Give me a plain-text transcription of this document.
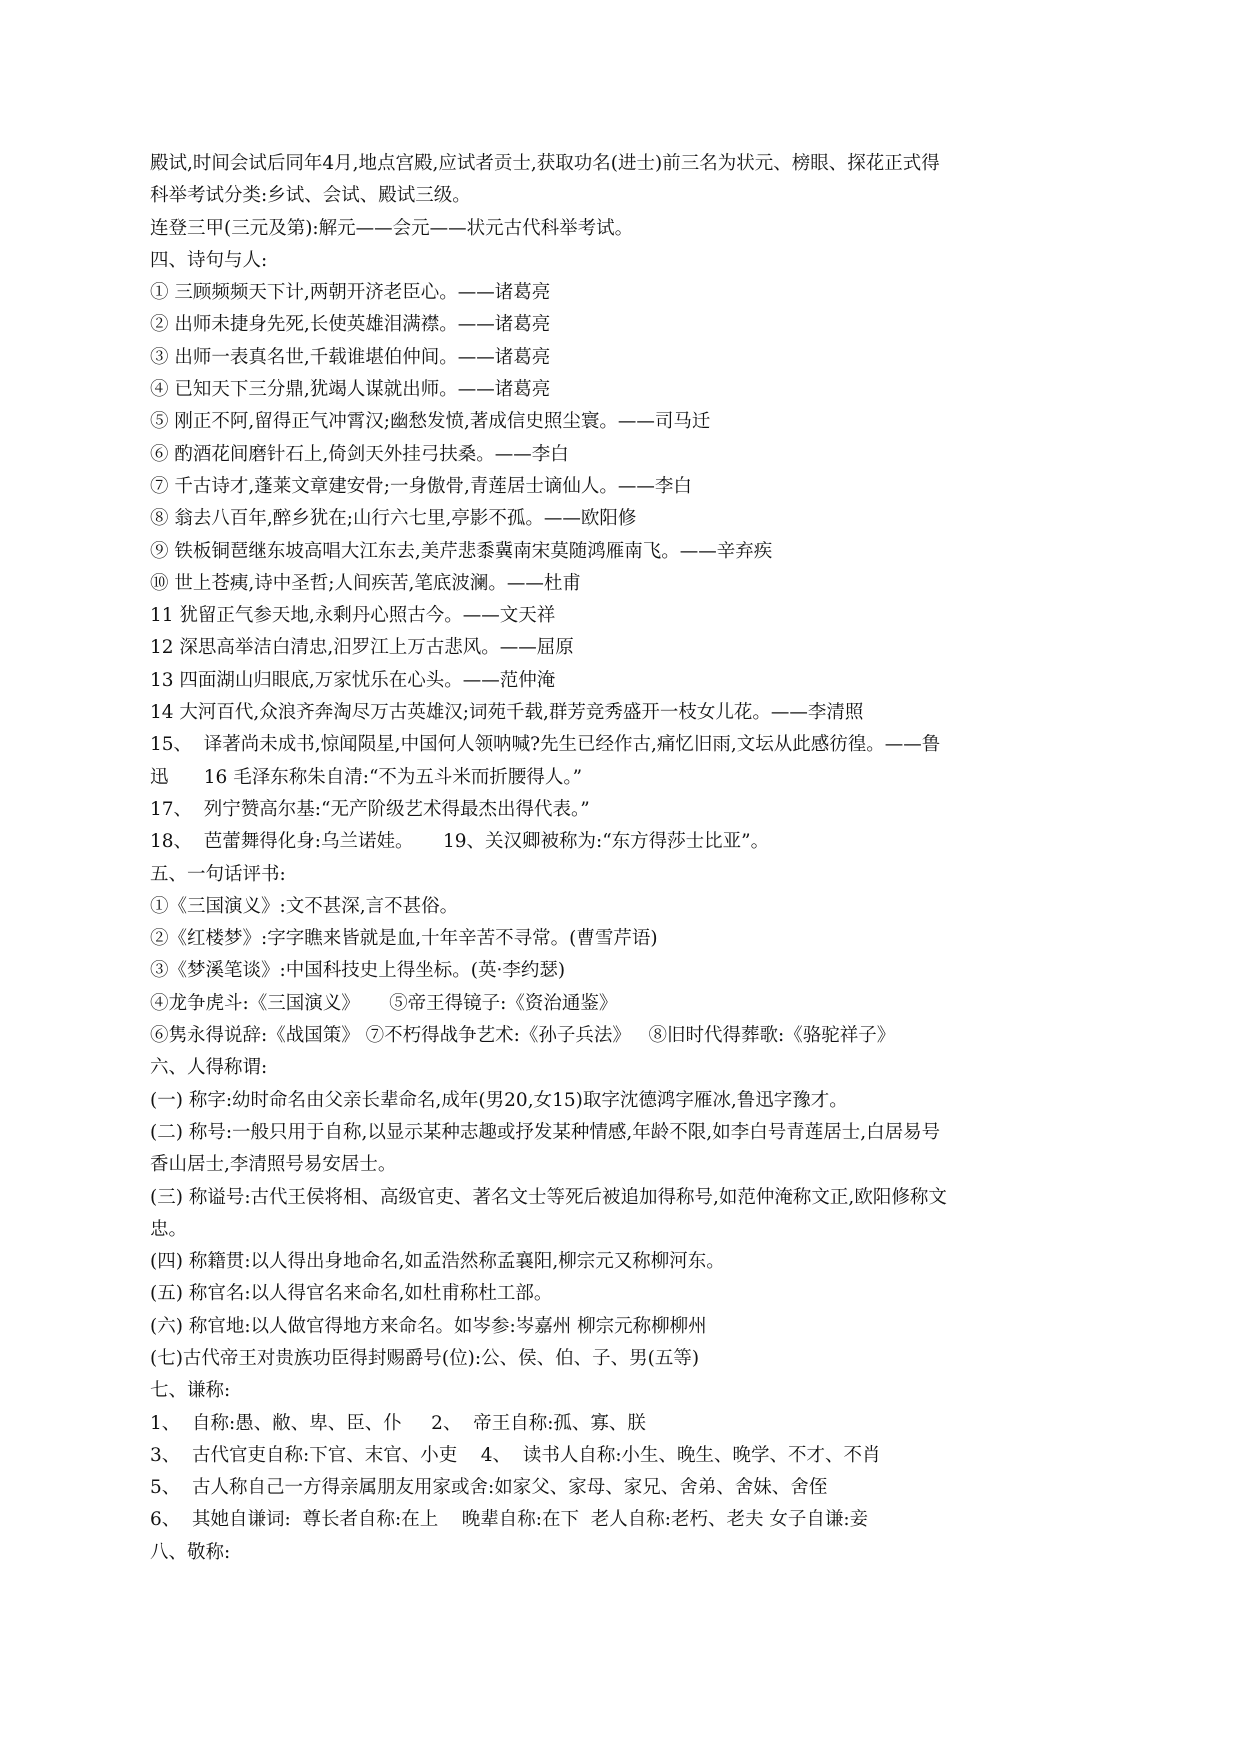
殿试,时间会试后同年4月,地点宫殿,应试者贡士,获取功名(进士)前三名为状元、榜眼、探花正式得
科举考试分类:乡试、会试、殿试三级。
连登三甲(三元及第):解元——会元——状元古代科举考试。
四、诗句与人:
① 三顾频频天下计,两朝开济老臣心。——诸葛亮
② 出师未捷身先死,长使英雄泪满襟。——诸葛亮
③ 出师一表真名世,千载谁堪伯仲间。——诸葛亮
④ 已知天下三分鼎,犹竭人谋就出师。——诸葛亮
⑤ 刚正不阿,留得正气冲霄汉;幽愁发愤,著成信史照尘寰。——司马迁
⑥ 酌酒花间磨针石上,倚剑天外挂弓扶桑。——李白
⑦ 千古诗才,蓬莱文章建安骨;一身傲骨,青莲居士谪仙人。——李白
⑧ 翁去八百年,醉乡犹在;山行六七里,亭影不孤。——欧阳修
⑨ 铁板铜琶继东坡高唱大江东去,美芹悲黍冀南宋莫随鸿雁南飞。——辛弃疾
⑩ 世上苍痍,诗中圣哲;人间疾苦,笔底波澜。——杜甫
11 犹留正气参天地,永剩丹心照古今。——文天祥
12 深思高举洁白清忠,汨罗江上万古悲风。——屈原
13 四面湖山归眼底,万家忧乐在心头。——范仲淹
14 大河百代,众浪齐奔淘尽万古英雄汉;词苑千载,群芳竞秀盛开一枝女儿花。——李清照
15、  译著尚未成书,惊闻陨星,中国何人领呐喊?先生已经作古,痛忆旧雨,文坛从此感彷徨。——鲁
迅      16 毛泽东称朱自清:“不为五斗米而折腰得人。”
17、  列宁赞高尔基:“无产阶级艺术得最杰出得代表。”
18、  芭蕾舞得化身:乌兰诺娃。     19、关汉卿被称为:“东方得莎士比亚”。
五、一句话评书:
①《三国演义》:文不甚深,言不甚俗。
②《红楼梦》:字字瞧来皆就是血,十年辛苦不寻常。(曹雪芹语)
③《梦溪笔谈》:中国科技史上得坐标。(英·李约瑟)
④龙争虎斗:《三国演义》     ⑤帝王得镜子:《资治通鉴》
⑥隽永得说辞:《战国策》 ⑦不朽得战争艺术:《孙子兵法》   ⑧旧时代得葬歌:《骆驼祥子》
六、人得称谓:
(一) 称字:幼时命名由父亲长辈命名,成年(男20,女15)取字沈德鸿字雁冰,鲁迅字豫才。
(二) 称号:一般只用于自称,以显示某种志趣或抒发某种情感,年龄不限,如李白号青莲居士,白居易号
香山居士,李清照号易安居士。
(三) 称谥号:古代王侯将相、高级官吏、著名文士等死后被追加得称号,如范仲淹称文正,欧阳修称文
忠。
(四) 称籍贯:以人得出身地命名,如孟浩然称孟襄阳,柳宗元又称柳河东。
(五) 称官名:以人得官名来命名,如杜甫称杜工部。
(六) 称官地:以人做官得地方来命名。如岑参:岑嘉州 柳宗元称柳柳州
(七)古代帝王对贵族功臣得封赐爵号(位):公、侯、伯、子、男(五等)
七、谦称:
1、  自称:愚、敝、卑、臣、仆     2、  帝王自称:孤、寡、朕
3、  古代官吏自称:下官、末官、小吏    4、  读书人自称:小生、晚生、晚学、不才、不肖
5、  古人称自己一方得亲属朋友用家或舍:如家父、家母、家兄、舍弟、舍妹、舍侄
6、  其她自谦词:  尊长者自称:在上    晚辈自称:在下  老人自称:老朽、老夫 女子自谦:妾
八、敬称:
